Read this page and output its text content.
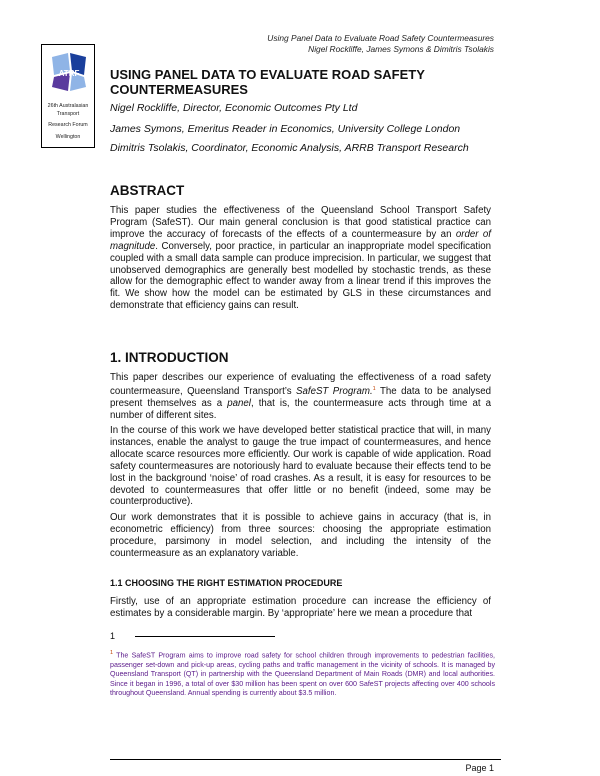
Using Panel Data to Evaluate Road Safety Countermeasures
Nigel Rockliffe, James Symons & Dimitris Tsolakis
ATRF
26th Australasian
Transport
Research Forum
Wellington
USING PANEL DATA TO EVALUATE ROAD SAFETY COUNTERMEASURES
Nigel Rockliffe, Director, Economic Outcomes Pty Ltd
James Symons, Emeritus Reader in Economics, University College London
Dimitris Tsolakis, Coordinator, Economic Analysis, ARRB Transport Research
ABSTRACT

This paper studies the effectiveness of the Queensland School Transport Safety Program (SafeST). Our main general conclusion is that good statistical practice can improve the accuracy of forecasts of the effects of a countermeasure by an order of magnitude. Conversely, poor practice, in particular an inappropriate model specification coupled with a small data sample can produce imprecision. In particular, we suggest that unobserved demographics are generally best modelled by stochastic trends, as these allow for the demographic effect to wander away from a linear trend if this improves the fit. We show how the model can be estimated by GLS in these circumstances and demonstrate that efficiency gains can result.

1. INTRODUCTION

This paper describes our experience of evaluating the effectiveness of a road safety countermeasure, Queensland Transport’s SafeST Program.$^1$ The data to be analysed present themselves as a panel, that is, the countermeasure acts through time at a number of different sites.

In the course of this work we have developed better statistical practice that will, in many instances, enable the analyst to gauge the true impact of countermeasures, and hence allocate scarce resources more efficiently. Our work is capable of wide application. Road safety countermeasures are notoriously hard to evaluate because their effects tend to be lost in the background ‘noise’ of road crashes. As a result, it is easy for resources to be devoted to countermeasures that offer little or no benefit (indeed, some may be counterproductive).

Our work demonstrates that it is possible to achieve gains in accuracy (that is, in econometric efficiency) from three sources: choosing the appropriate estimation procedure, parsimony in model selection, and including the intensity of the countermeasure as an explanatory variable.

1.1 CHOOSING THE RIGHT ESTIMATION PROCEDURE

Firstly, use of an appropriate estimation procedure can increase the efficiency of estimates by a considerable margin. By ‘appropriate’ here we mean a procedure that

1

$^1$ The SafeST Program aims to improve road safety for school children through improvements to pedestrian facilities, passenger set-down and pick-up areas, cycling paths and traffic management in the vicinity of schools. It is managed by Queensland Transport (QT) in partnership with the Queensland Department of Main Roads (DMR) and local authorities. Since it began in 1996, a total of over $30 million has been spent on over 600 SafeST projects affecting over 400 schools throughout Queensland. Annual spending is currently about $3.5 million.

Page 1
